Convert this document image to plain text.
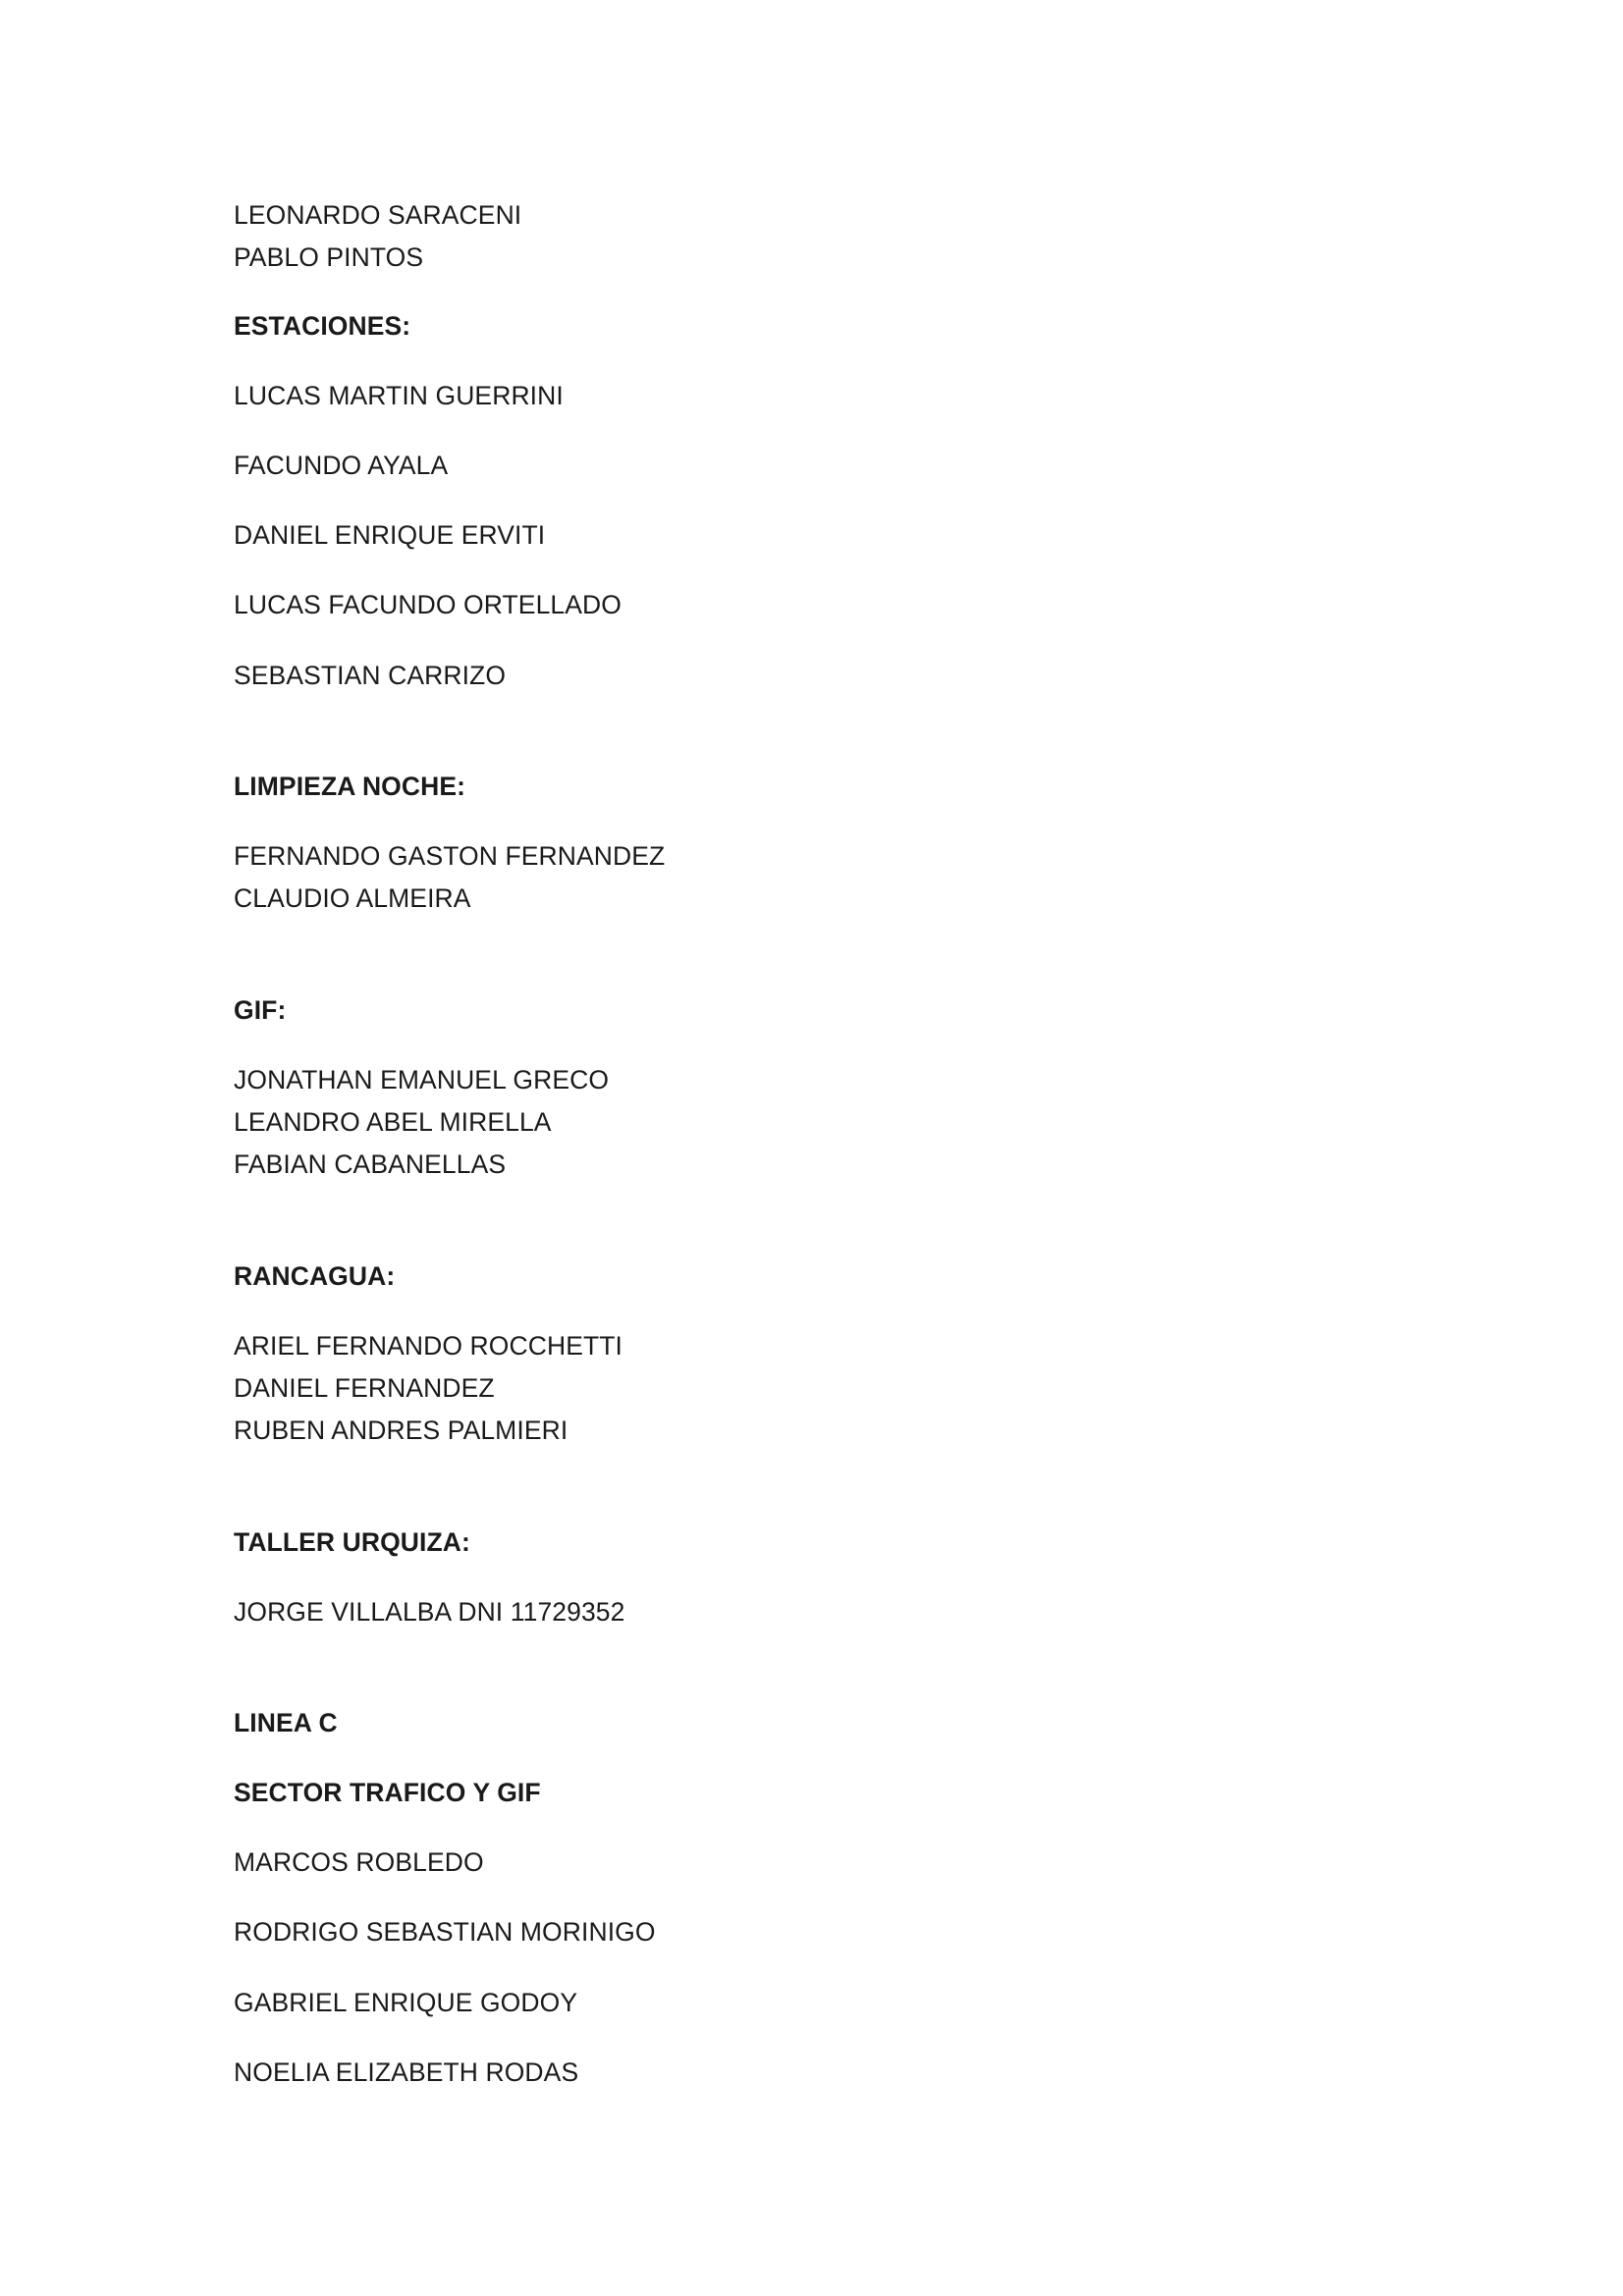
LEONARDO SARACENI
PABLO PINTOS
ESTACIONES:
LUCAS MARTIN GUERRINI
FACUNDO AYALA
DANIEL ENRIQUE ERVITI
LUCAS FACUNDO ORTELLADO
SEBASTIAN CARRIZO
LIMPIEZA NOCHE:
FERNANDO GASTON FERNANDEZ
CLAUDIO ALMEIRA
GIF:
JONATHAN EMANUEL GRECO
LEANDRO ABEL MIRELLA
FABIAN CABANELLAS
RANCAGUA:
ARIEL FERNANDO ROCCHETTI
DANIEL FERNANDEZ
RUBEN ANDRES PALMIERI
TALLER URQUIZA:
JORGE VILLALBA DNI 11729352
LINEA C
SECTOR TRAFICO Y GIF
MARCOS ROBLEDO
RODRIGO SEBASTIAN MORINIGO
GABRIEL ENRIQUE GODOY
NOELIA ELIZABETH RODAS
